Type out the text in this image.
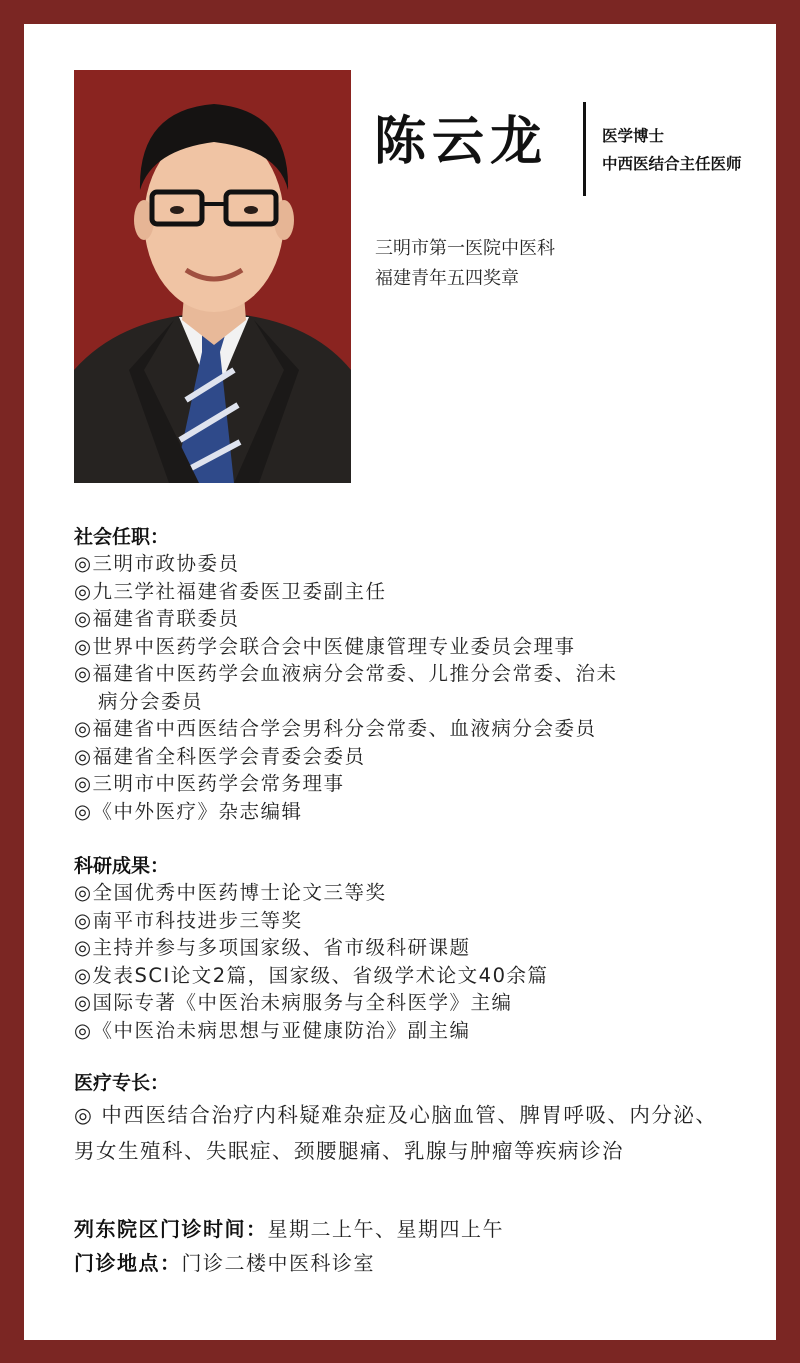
陈云龙	医学博士
中西医结合主任医师
三明市第一医院中医科
福建青年五四奖章
社会任职：
◎三明市政协委员
◎九三学社福建省委医卫委副主任
◎福建省青联委员
◎世界中医药学会联合会中医健康管理专业委员会理事
◎福建省中医药学会血液病分会常委、儿推分会常委、治未
病分会委员
◎福建省中西医结合学会男科分会常委、血液病分会委员
◎福建省全科医学会青委会委员
◎三明市中医药学会常务理事
◎《中外医疗》杂志编辑
科研成果：
◎全国优秀中医药博士论文三等奖
◎南平市科技进步三等奖
◎主持并参与多项国家级、省市级科研课题
◎发表SCI论文2篇，国家级、省级学术论文40余篇
◎国际专著《中医治未病服务与全科医学》主编
◎《中医治未病思想与亚健康防治》副主编
医疗专长：
◎ 中西医结合治疗内科疑难杂症及心脑血管、脾胃呼吸、内分泌、男女生殖科、失眠症、颈腰腿痛、乳腺与肿瘤等疾病诊治
列东院区门诊时间：星期二上午、星期四上午
门诊地点：门诊二楼中医科诊室
